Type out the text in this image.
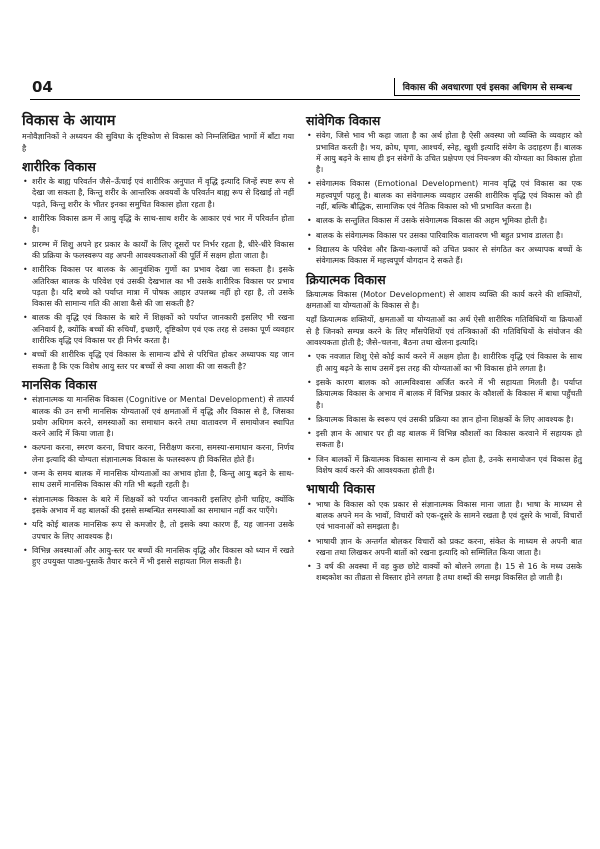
04	विकास की अवधारणा एवं इसका अधिगम से सम्बन्ध
विकास के आयाम

मनोवैज्ञानिकों ने अध्ययन की सुविधा के दृष्टिकोण से विकास को निम्नलिखित भागों में बाँटा गया है

शारीरिक विकास
• शरीर के बाह्य परिवर्तन जैसे–ऊँचाई एवं शारीरिक अनुपात में वृद्धि इत्यादि जिन्हें स्पष्ट रूप से देखा जा सकता है, किन्तु शरीर के आन्तरिक अवयवों के परिवर्तन बाह्य रूप से दिखाई तो नहीं पड़ते, किन्तु शरीर के भीतर इनका समुचित विकास होता रहता है।
• शारीरिक विकास क्रम में आयु वृद्धि के साथ-साथ शरीर के आकार एवं भार में परिवर्तन होता है।
• प्रारम्भ में शिशु अपने हर प्रकार के कार्यों के लिए दूसरों पर निर्भर रहता है, धीरे-धीरे विकास की प्रक्रिया के फलस्वरूप वह अपनी आवश्यकताओं की पूर्ति में सक्षम होता जाता है।
• शारीरिक विकास पर बालक के आनुवंशिक गुणों का प्रभाव देखा जा सकता है। इसके अतिरिक्त बालक के परिवेश एवं उसकी देखभाल का भी उसके शारीरिक विकास पर प्रभाव पड़ता है। यदि बच्चे को पर्याप्त मात्रा में पोषक आहार उपलब्ध नहीं हो रहा है, तो उसके विकास की सामान्य गति की आशा कैसे की जा सकती है?
• बालक की वृद्धि एवं विकास के बारे में शिक्षकों को पर्याप्त जानकारी इसलिए भी रखना अनिवार्य है, क्योंकि बच्चों की रुचियाँ, इच्छाएँ, दृष्टिकोण एवं एक तरह से उसका पूर्ण व्यवहार शारीरिक वृद्धि एवं विकास पर ही निर्भर करता है।
• बच्चों की शारीरिक वृद्धि एवं विकास के सामान्य ढाँचे से परिचित होकर अध्यापक यह जान सकता है कि एक विशेष आयु स्तर पर बच्चों से क्या आशा की जा सकती है?
मानसिक विकास
• संज्ञानात्मक या मानसिक विकास (Cognitive or Mental Development) से तात्पर्य बालक की उन सभी मानसिक योग्यताओं एवं क्षमताओं में वृद्धि और विकास से है, जिसका प्रयोग अधिगम करने, समस्याओं का समाधान करने तथा वातावरण में समायोजन स्थापित करने आदि में किया जाता है।
• कल्पना करना, स्मरण करना, विचार करना, निरीक्षण करना, समस्या-समाधान करना, निर्णय लेना इत्यादि की योग्यता संज्ञानात्मक विकास के फलस्वरूप ही विकसित होते हैं।
• जन्म के समय बालक में मानसिक योग्यताओं का अभाव होता है, किन्तु आयु बढ़ने के साथ-साथ उसमें मानसिक विकास की गति भी बढ़ती रहती है।
• संज्ञानात्मक विकास के बारे में शिक्षकों को पर्याप्त जानकारी इसलिए होनी चाहिए, क्योंकि इसके अभाव में वह बालकों की इससे सम्बन्धित समस्याओं का समाधान नहीं कर पाएँगे।
• यदि कोई बालक मानसिक रूप से कमजोर है, तो इसके क्या कारण हैं, यह जानना उसके उपचार के लिए आवश्यक है।
• विभिन्न अवस्थाओं और आयु-स्तर पर बच्चों की मानसिक वृद्धि और विकास को ध्यान में रखते हुए उपयुक्त पाठ्य-पुस्तकें तैयार करने में भी इससे सहायता मिल सकती है।
सांवेगिक विकास
• संवेग, जिसे भाव भी कहा जाता है का अर्थ होता है ऐसी अवस्था जो व्यक्ति के व्यवहार को प्रभावित करती है। भय, क्रोध, घृणा, आश्चर्य, स्नेह, खुशी इत्यादि संवेग के उदाहरण हैं। बालक में आयु बढ़ने के साथ ही इन संवेगों के उचित प्रक्षेपण एवं नियन्त्रण की योग्यता का विकास होता है।
• संवेगात्मक विकास (Emotional Development) मानव वृद्धि एवं विकास का एक महत्त्वपूर्ण पहलू है। बालक का संवेगात्मक व्यवहार उसकी शारीरिक वृद्धि एवं विकास को ही नहीं, बल्कि बौद्धिक, सामाजिक एवं नैतिक विकास को भी प्रभावित करता है।
• बालक के सन्तुलित विकास में उसके संवेगात्मक विकास की अहम भूमिका होती है।
• बालक के संवेगात्मक विकास पर उसका पारिवारिक वातावरण भी बहुत प्रभाव डालता है।
• विद्यालय के परिवेश और क्रिया-कलापों को उचित प्रकार से संगठित कर अध्यापक बच्चों के संवेगात्मक विकास में महत्त्वपूर्ण योगदान दे सकते हैं।
क्रियात्मक विकास

क्रियात्मक विकास (Motor Development) से आशय व्यक्ति की कार्य करने की शक्तियों, क्षमताओं या योग्यताओं के विकास से है।

यहाँ क्रियात्मक शक्तियों, क्षमताओं या योग्यताओं का अर्थ ऐसी शारीरिक गतिविधियों या क्रियाओं से है जिनको सम्पन्न करने के लिए माँसपेशियों एवं तन्त्रिकाओं की गतिविधियों के संयोजन की आवश्यकता होती है; जैसे–चलना, बैठना तथा खेलना इत्यादि।

• एक नवजात शिशु ऐसे कोई कार्य करने में अक्षम होता है। शारीरिक वृद्धि एवं विकास के साथ ही आयु बढ़ने के साथ उसमें इस तरह की योग्यताओं का भी विकास होने लगता है।
• इसके कारण बालक को आत्मविश्वास अर्जित करने में भी सहायता मिलती है। पर्याप्त क्रियात्मक विकास के अभाव में बालक में विभिन्न प्रकार के कौशलों के विकास में बाधा पहुँचती है।
• क्रियात्मक विकास के स्वरूप एवं उसकी प्रक्रिया का ज्ञान होना शिक्षकों के लिए आवश्यक है।
• इसी ज्ञान के आधार पर ही वह बालक में विभिन्न कौशलों का विकास करवाने में सहायक हो सकता है।
• जिन बालकों में क्रियात्मक विकास सामान्य से कम होता है, उनके समायोजन एवं विकास हेतु विशेष कार्य करने की आवश्यकता होती है।
भाषायी विकास
• भाषा के विकास को एक प्रकार से संज्ञानात्मक विकास माना जाता है। भाषा के माध्यम से बालक अपने मन के भावों, विचारों को एक-दूसरे के सामने रखता है एवं दूसरे के भावों, विचारों एवं भावनाओं को समझता है।
• भाषायी ज्ञान के अन्तर्गत बोलकर विचारों को प्रकट करना, संकेत के माध्यम से अपनी बात रखना तथा लिखकर अपनी बातों को रखना इत्यादि को सम्मिलित किया जाता है।
• 3 वर्ष की अवस्था में वह कुछ छोटे वाक्यों को बोलने लगता है। 15 से 16 के मध्य उसके शब्दकोश का तीव्रता से विस्तार होने लगता है तथा शब्दों की समझ विकसित हो जाती है।
